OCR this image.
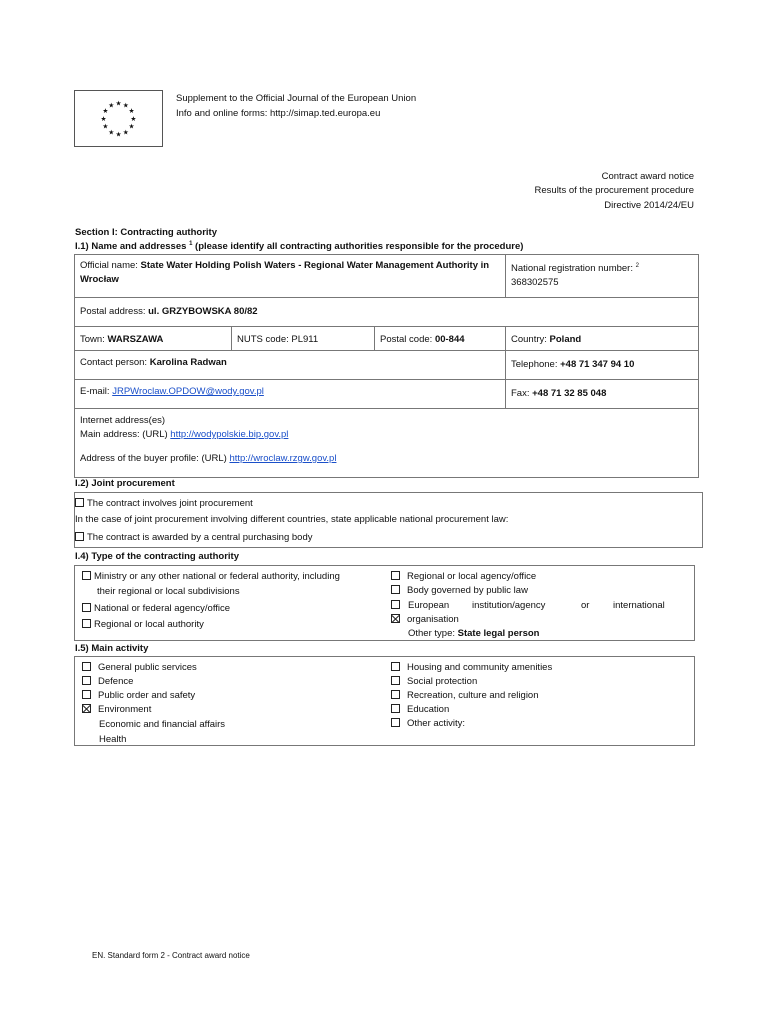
★ ★
★
★
★
★
★
★
★
★
★
★
Supplement to the Official Journal of the European Union
Info and online forms: http://simap.ted.europa.eu
Contract award notice
Results of the procurement procedure
Directive 2014/24/EU
Section I: Contracting authority
I.1) Name and addresses $^1$ (please identify all contracting authorities responsible for the procedure)
Official name: State Water Holding Polish Waters - Regional Water Management Authority in Wrocław
National registration number: $^2$
368302575
Postal address: ul. GRZYBOWSKA 80/82
Town: WARSZAWA	NUTS code: PL911	Postal code: 00-844	Country: Poland
Contact person: Karolina Radwan	Telephone: +48 71 347 94 10
E-mail: JRPWroclaw.OPDOW@wody.gov.pl	Fax: +48 71 32 85 048
Internet address(es)
Main address: (URL) http://wodypolskie.bip.gov.pl
Address of the buyer profile: (URL) http://wroclaw.rzgw.gov.pl
I.2) Joint procurement
The contract involves joint procurement
In the case of joint procurement involving different countries, state applicable national procurement law:
The contract is awarded by a central purchasing body
I.4) Type of the contracting authority
Ministry or any other national or federal authority, including
their regional or local subdivisions
National or federal agency/office
Regional or local authority
Regional or local agency/office
Body governed by public law
European institution/agency	or international
organisation
Other type: State legal person
I.5) Main activity
General public services
Defence
Public order and safety
Environment
Economic and financial affairs
Health
Housing and community amenities
Social protection
Recreation, culture and religion
Education
Other activity:
EN. Standard form 2 - Contract award notice
